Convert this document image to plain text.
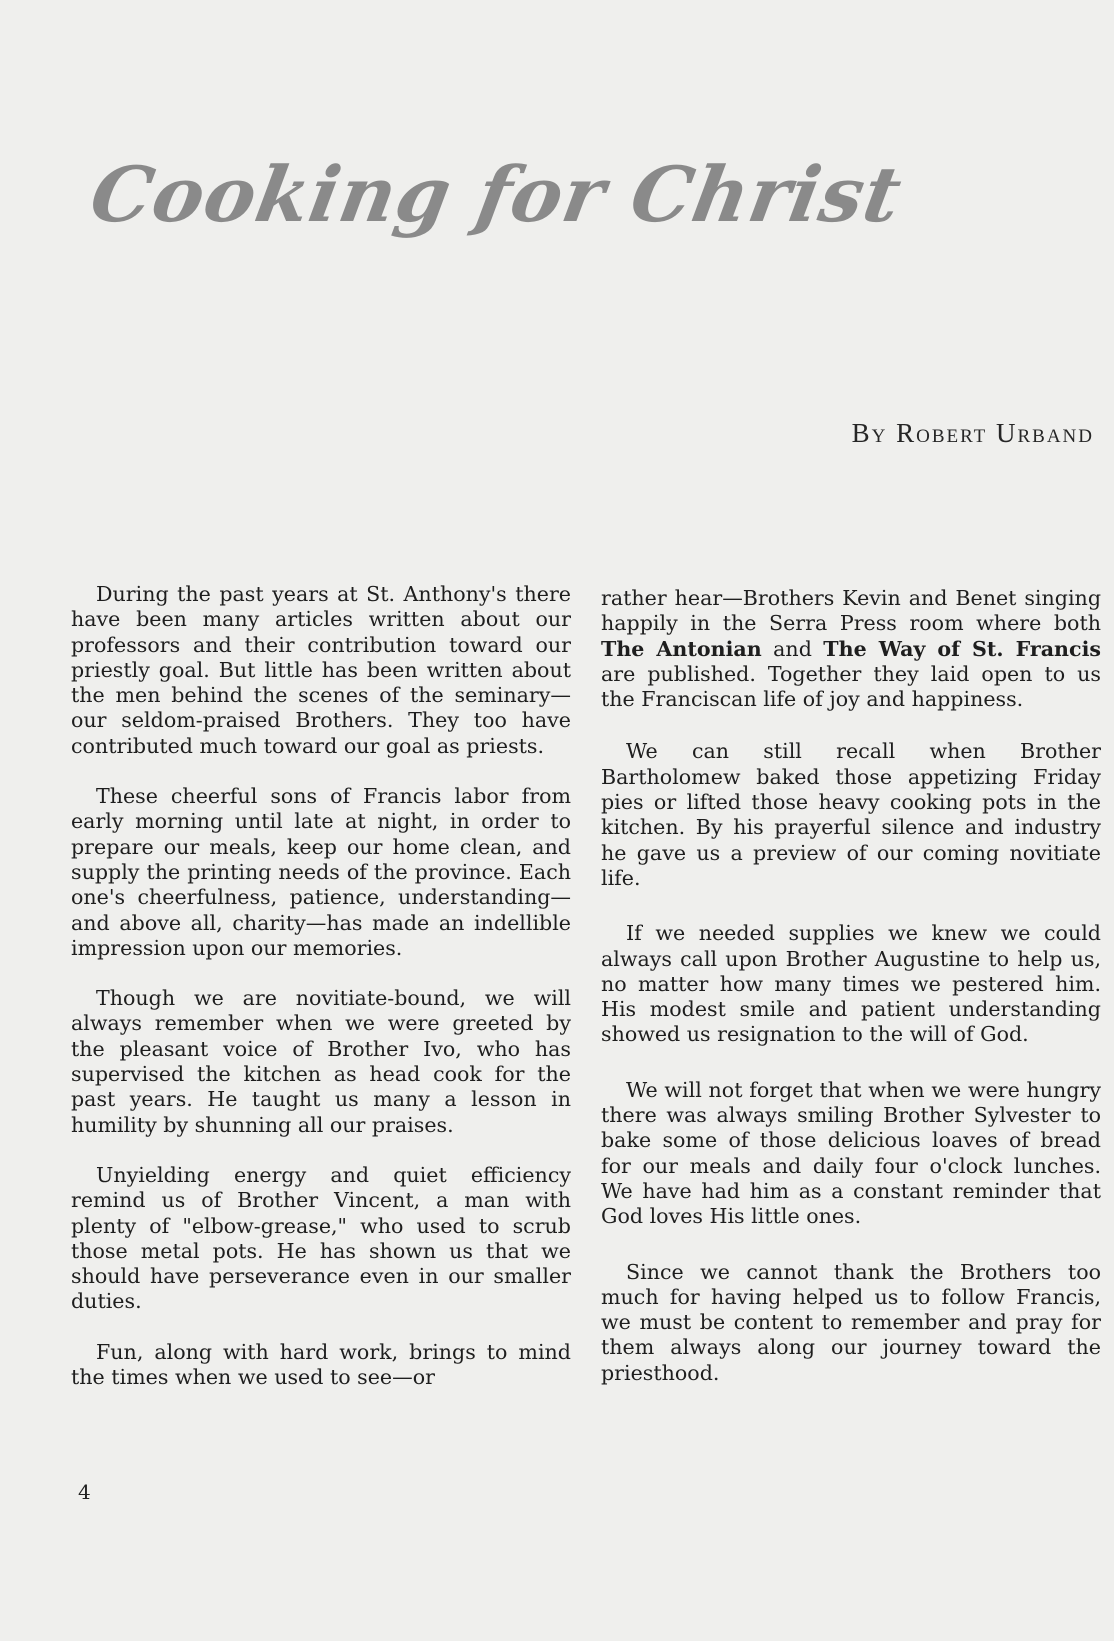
Cooking for Christ

By Robert Urband

During the past years at St. Anthony's there have been many articles written about our professors and their contribution toward our priestly goal. But little has been written about the men behind the scenes of the seminary—our seldom-praised Brothers. They too have contributed much toward our goal as priests.

These cheerful sons of Francis labor from early morning until late at night, in order to prepare our meals, keep our home clean, and supply the printing needs of the province. Each one's cheerfulness, patience, understanding—and above all, charity—has made an indellible impression upon our memories.

Though we are novitiate-bound, we will always remember when we were greeted by the pleasant voice of Brother Ivo, who has supervised the kitchen as head cook for the past years. He taught us many a lesson in humility by shunning all our praises.

Unyielding energy and quiet efficiency remind us of Brother Vincent, a man with plenty of "elbow-grease," who used to scrub those metal pots. He has shown us that we should have perseverance even in our smaller duties.

Fun, along with hard work, brings to mind the times when we used to see—or

rather hear—Brothers Kevin and Benet singing happily in the Serra Press room where both The Antonian and The Way of St. Francis are published. Together they laid open to us the Franciscan life of joy and happiness.

We can still recall when Brother Bartholomew baked those appetizing Friday pies or lifted those heavy cooking pots in the kitchen. By his prayerful silence and industry he gave us a preview of our coming novitiate life.

If we needed supplies we knew we could always call upon Brother Augustine to help us, no matter how many times we pestered him. His modest smile and patient understanding showed us resignation to the will of God.

We will not forget that when we were hungry there was always smiling Brother Sylvester to bake some of those delicious loaves of bread for our meals and daily four o'clock lunches. We have had him as a constant reminder that God loves His little ones.

Since we cannot thank the Brothers too much for having helped us to follow Francis, we must be content to remember and pray for them always along our journey toward the priesthood.

4
